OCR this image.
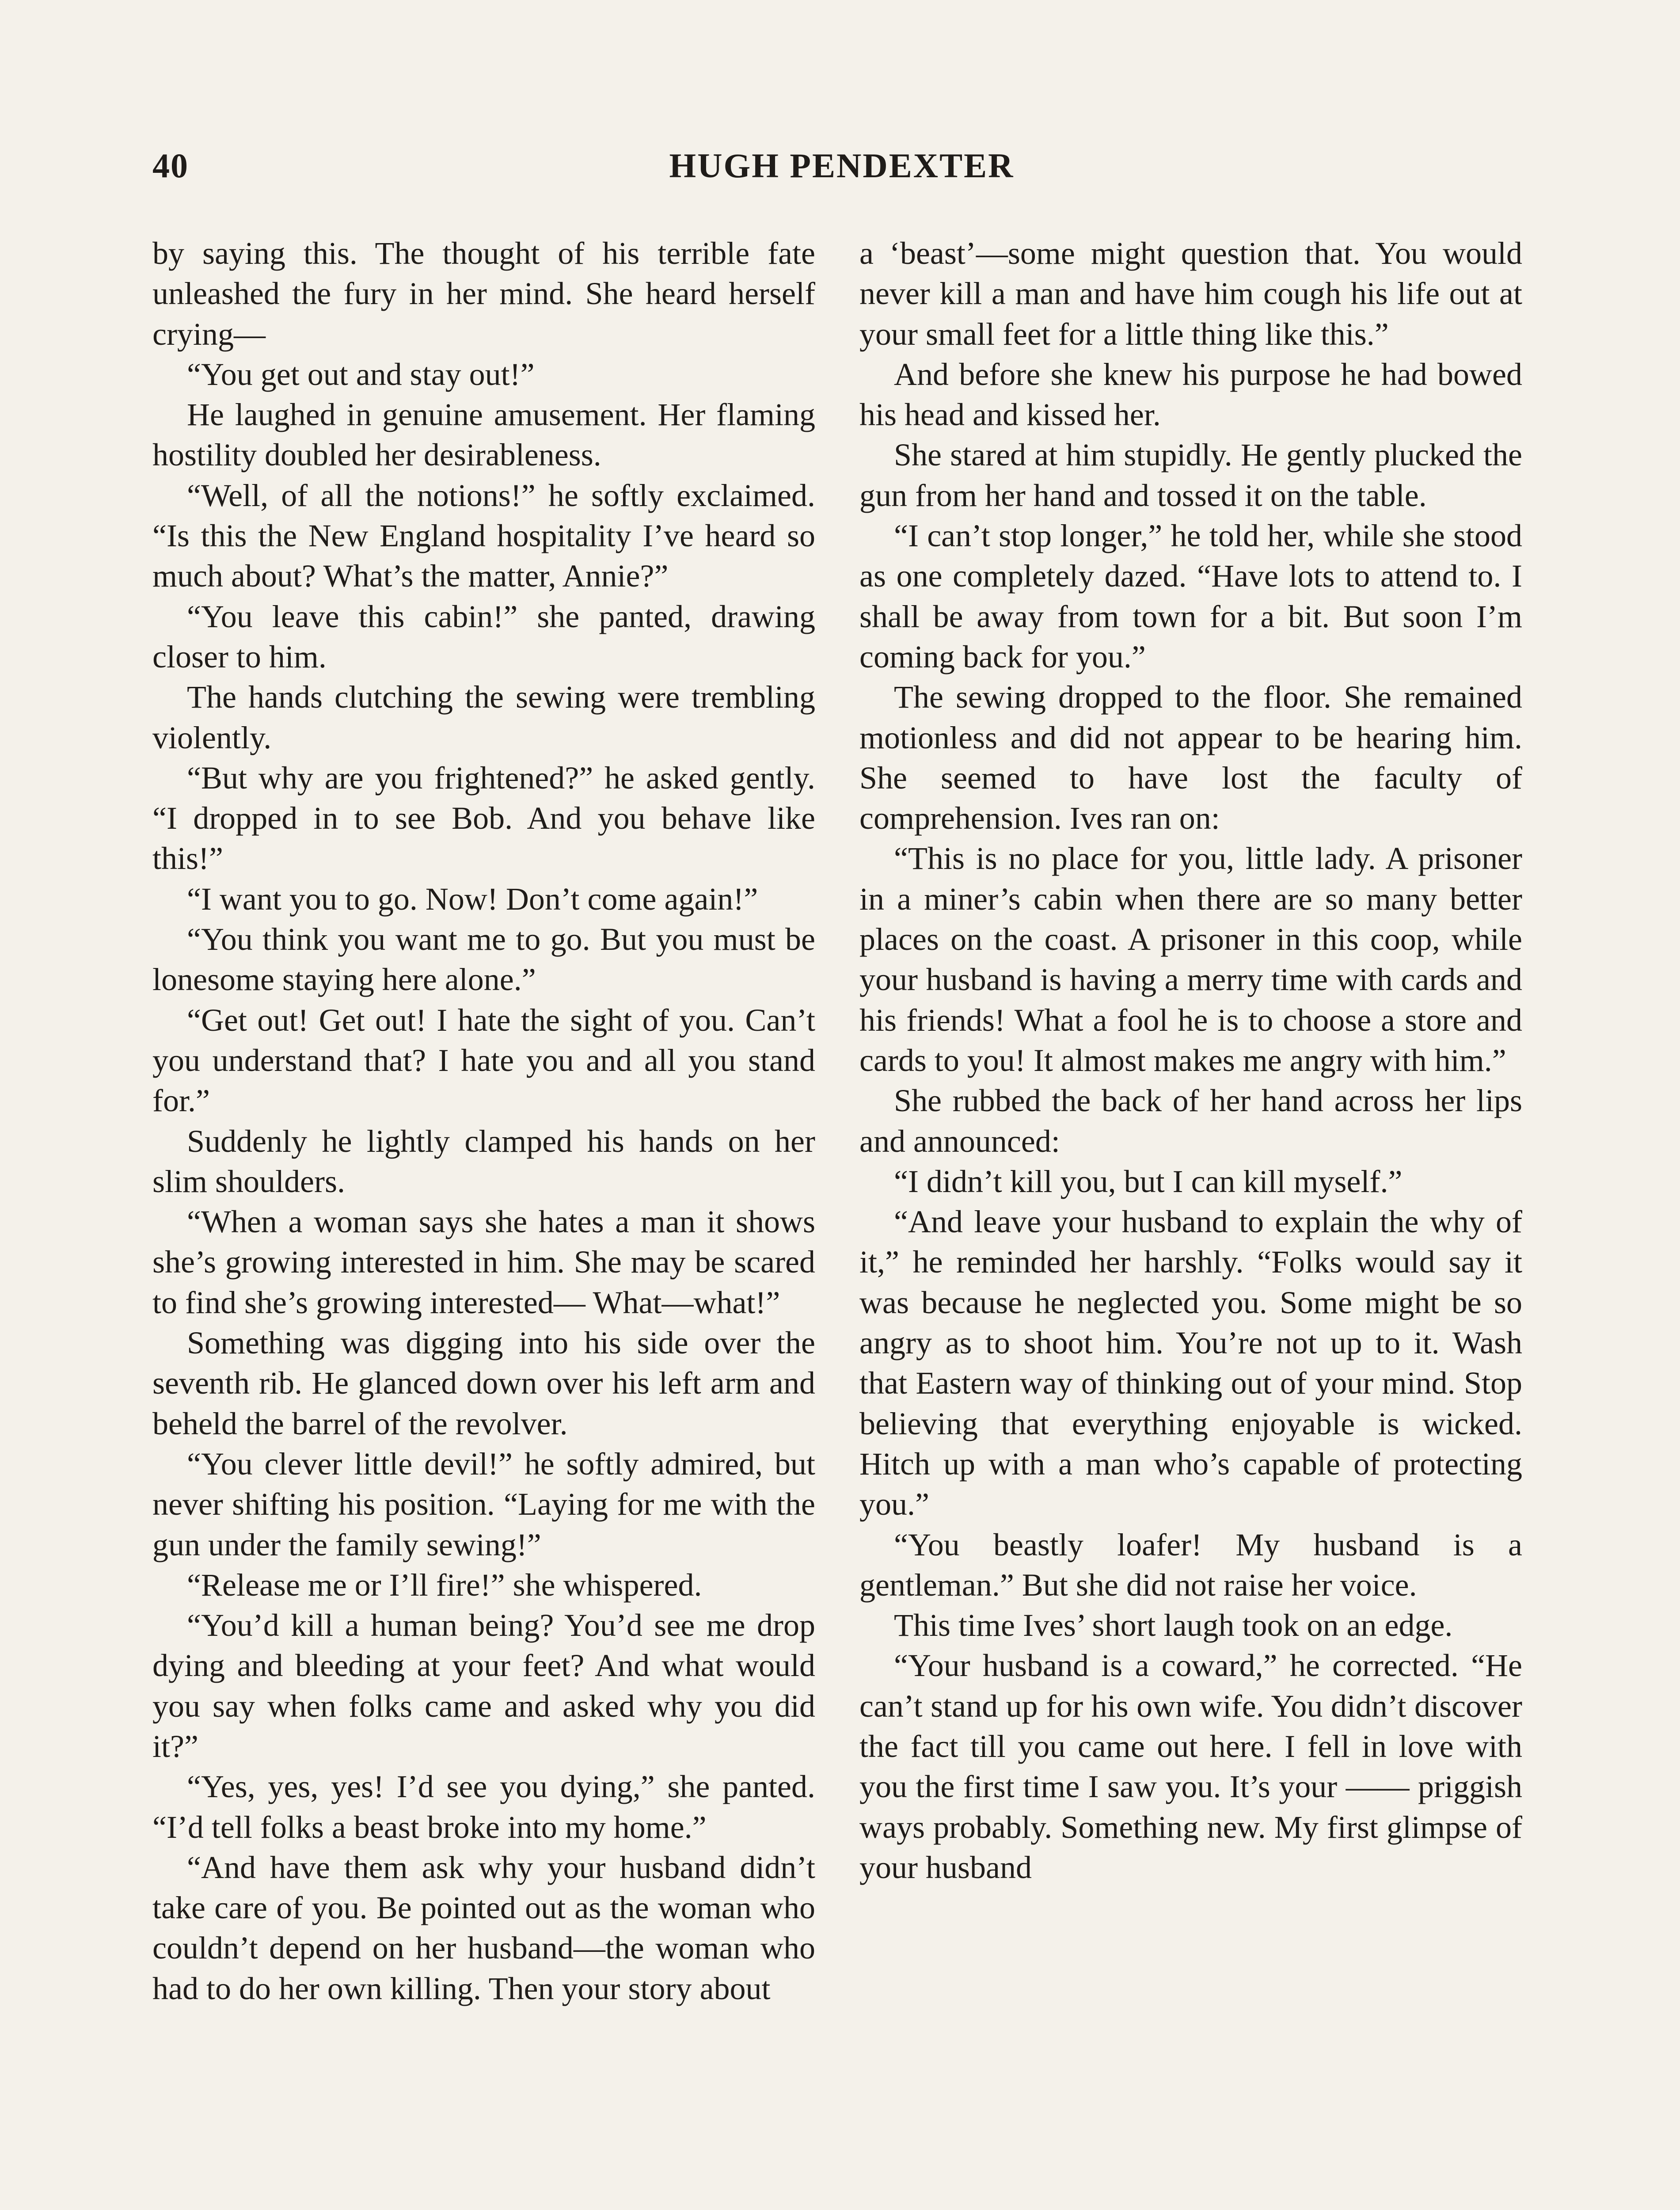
40	HUGH PENDEXTER

by saying this. The thought of his terrible fate unleashed the fury in her mind. She heard herself crying—

“You get out and stay out!”

He laughed in genuine amusement. Her flaming hostility doubled her desirableness.

“Well, of all the notions!” he softly exclaimed. “Is this the New England hospitality I’ve heard so much about? What’s the matter, Annie?”

“You leave this cabin!” she panted, drawing closer to him.

The hands clutching the sewing were trembling violently.

“But why are you frightened?” he asked gently. “I dropped in to see Bob. And you behave like this!”

“I want you to go. Now! Don’t come again!”

“You think you want me to go. But you must be lonesome staying here alone.”

“Get out! Get out! I hate the sight of you. Can’t you understand that? I hate you and all you stand for.”

Suddenly he lightly clamped his hands on her slim shoulders.

“When a woman says she hates a man it shows she’s growing interested in him. She may be scared to find she’s growing interested— What—what!”

Something was digging into his side over the seventh rib. He glanced down over his left arm and beheld the barrel of the revolver.

“You clever little devil!” he softly admired, but never shifting his position. “Laying for me with the gun under the family sewing!”

“Release me or I’ll fire!” she whispered.

“You’d kill a human being? You’d see me drop dying and bleeding at your feet? And what would you say when folks came and asked why you did it?”

“Yes, yes, yes! I’d see you dying,” she panted. “I’d tell folks a beast broke into my home.”

“And have them ask why your husband didn’t take care of you. Be pointed out as the woman who couldn’t depend on her husband—the woman who had to do her own killing. Then your story about

a ‘beast’—some might question that. You would never kill a man and have him cough his life out at your small feet for a little thing like this.”

And before she knew his purpose he had bowed his head and kissed her.

She stared at him stupidly. He gently plucked the gun from her hand and tossed it on the table.

“I can’t stop longer,” he told her, while she stood as one completely dazed. “Have lots to attend to. I shall be away from town for a bit. But soon I’m coming back for you.”

The sewing dropped to the floor. She remained motionless and did not appear to be hearing him. She seemed to have lost the faculty of comprehension. Ives ran on:

“This is no place for you, little lady. A prisoner in a miner’s cabin when there are so many better places on the coast. A prisoner in this coop, while your husband is having a merry time with cards and his friends! What a fool he is to choose a store and cards to you! It almost makes me angry with him.”

She rubbed the back of her hand across her lips and announced:

“I didn’t kill you, but I can kill myself.”

“And leave your husband to explain the why of it,” he reminded her harshly. “Folks would say it was because he neglected you. Some might be so angry as to shoot him. You’re not up to it. Wash that Eastern way of thinking out of your mind. Stop believing that everything enjoyable is wicked. Hitch up with a man who’s capable of protecting you.”

“You beastly loafer! My husband is a gentleman.” But she did not raise her voice.

This time Ives’ short laugh took on an edge.

“Your husband is a coward,” he corrected. “He can’t stand up for his own wife. You didn’t discover the fact till you came out here. I fell in love with you the first time I saw you. It’s your —— priggish ways probably. Something new. My first glimpse of your husband
